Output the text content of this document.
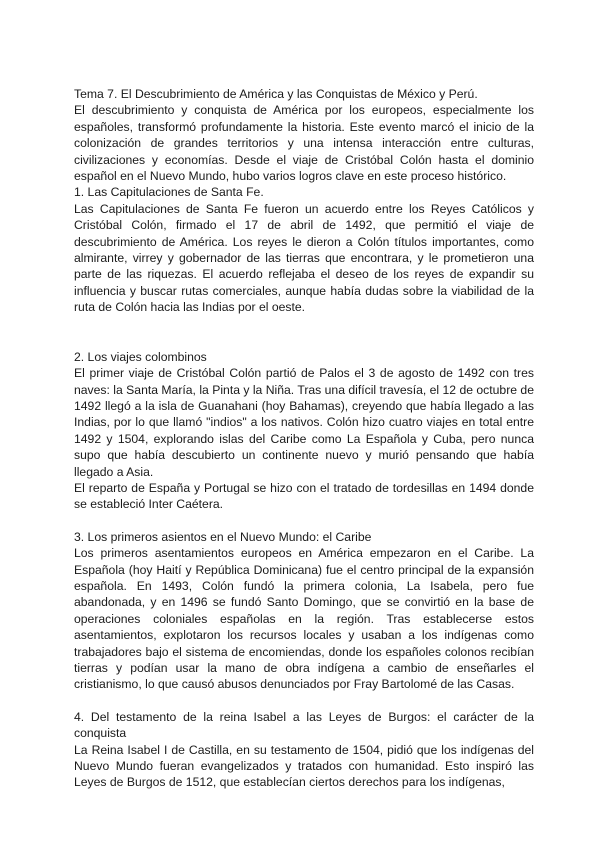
Tema 7. El Descubrimiento de América y las Conquistas de México y Perú.

El descubrimiento y conquista de América por los europeos, especialmente los españoles, transformó profundamente la historia. Este evento marcó el inicio de la colonización de grandes territorios y una intensa interacción entre culturas, civilizaciones y economías. Desde el viaje de Cristóbal Colón hasta el dominio español en el Nuevo Mundo, hubo varios logros clave en este proceso histórico.

1. Las Capitulaciones de Santa Fe.

Las Capitulaciones de Santa Fe fueron un acuerdo entre los Reyes Católicos y Cristóbal Colón, firmado el 17 de abril de 1492, que permitió el viaje de descubrimiento de América. Los reyes le dieron a Colón títulos importantes, como almirante, virrey y gobernador de las tierras que encontrara, y le prometieron una parte de las riquezas. El acuerdo reflejaba el deseo de los reyes de expandir su influencia y buscar rutas comerciales, aunque había dudas sobre la viabilidad de la ruta de Colón hacia las Indias por el oeste.

2. Los viajes colombinos

El primer viaje de Cristóbal Colón partió de Palos el 3 de agosto de 1492 con tres naves: la Santa María, la Pinta y la Niña. Tras una difícil travesía, el 12 de octubre de 1492 llegó a la isla de Guanahani (hoy Bahamas), creyendo que había llegado a las Indias, por lo que llamó "indios" a los nativos. Colón hizo cuatro viajes en total entre 1492 y 1504, explorando islas del Caribe como La Española y Cuba, pero nunca supo que había descubierto un continente nuevo y murió pensando que había llegado a Asia.

El reparto de España y Portugal se hizo con el tratado de tordesillas en 1494 donde se estableció Inter Caétera.

3. Los primeros asientos en el Nuevo Mundo: el Caribe

Los primeros asentamientos europeos en América empezaron en el Caribe. La Española (hoy Haití y República Dominicana) fue el centro principal de la expansión española. En 1493, Colón fundó la primera colonia, La Isabela, pero fue abandonada, y en 1496 se fundó Santo Domingo, que se convirtió en la base de operaciones coloniales españolas en la región. Tras establecerse estos asentamientos, explotaron los recursos locales y usaban a los indígenas como trabajadores bajo el sistema de encomiendas, donde los españoles colonos recibían tierras y podían usar la mano de obra indígena a cambio de enseñarles el cristianismo, lo que causó abusos denunciados por Fray Bartolomé de las Casas.

4. Del testamento de la reina Isabel a las Leyes de Burgos: el carácter de la conquista

La Reina Isabel I de Castilla, en su testamento de 1504, pidió que los indígenas del Nuevo Mundo fueran evangelizados y tratados con humanidad. Esto inspiró las Leyes de Burgos de 1512, que establecían ciertos derechos para los indígenas,
